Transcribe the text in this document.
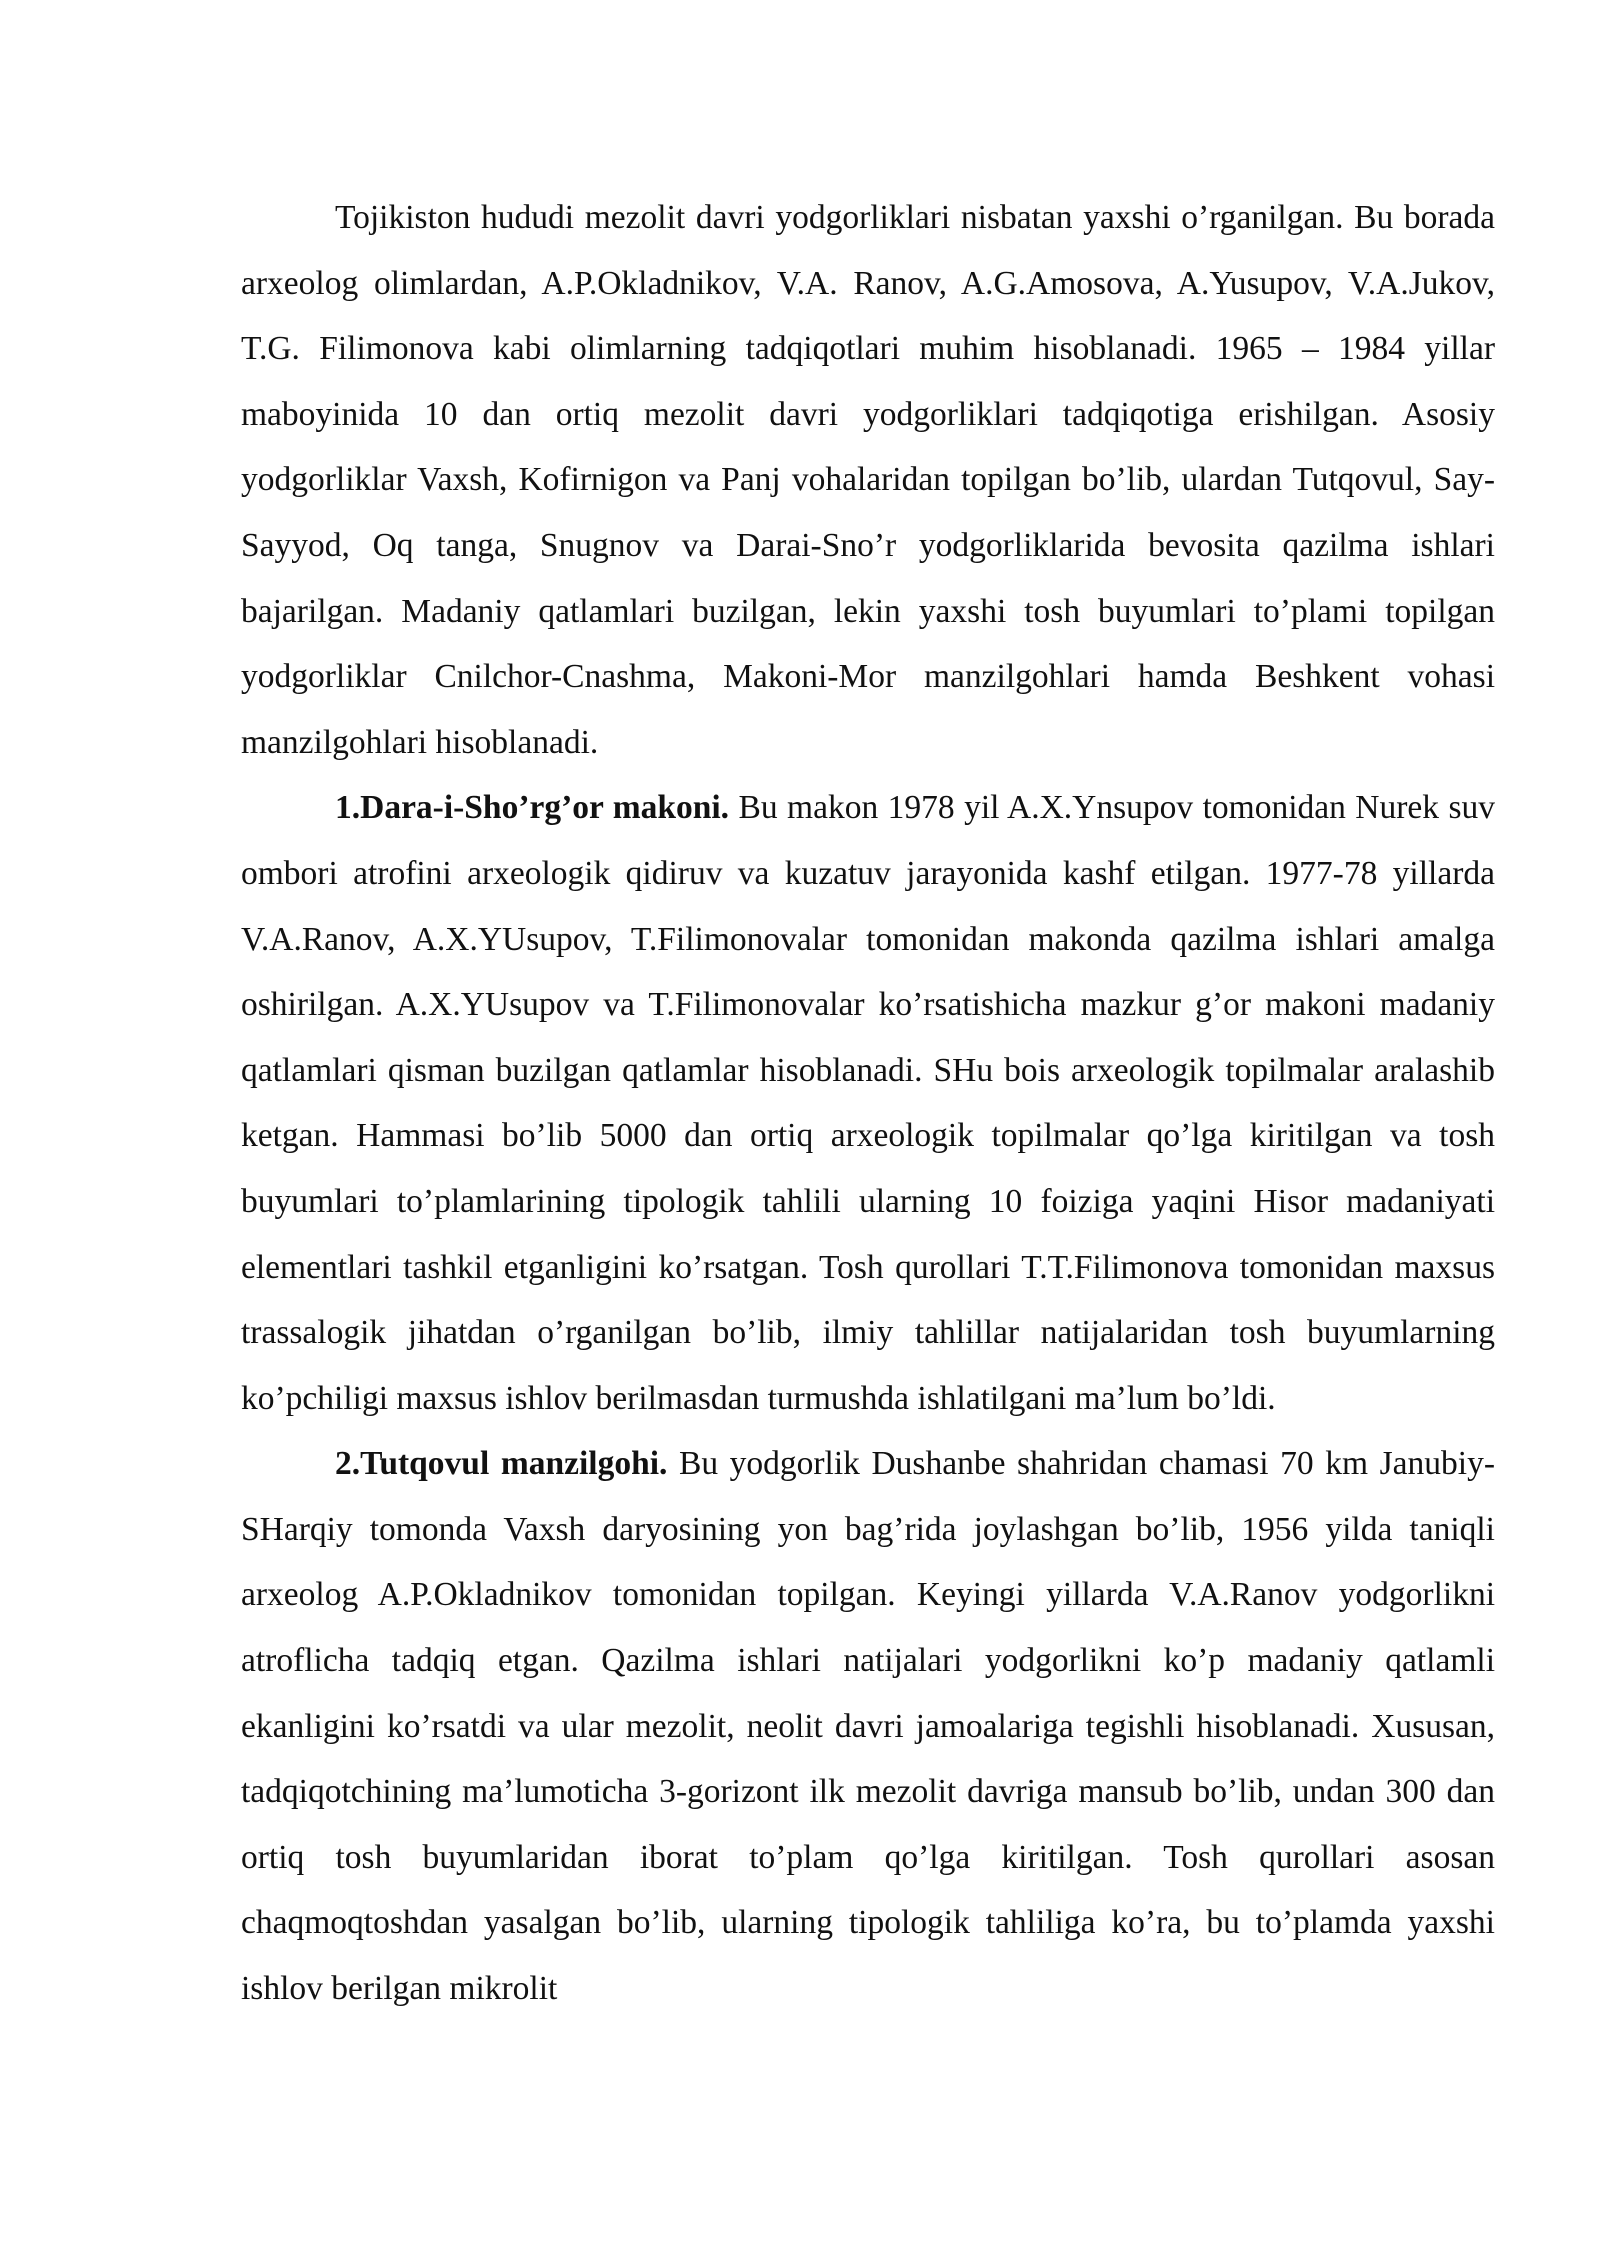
Tojikiston hududi mezolit davri yodgorliklari nisbatan yaxshi o’rganilgan. Bu borada arxeolog olimlardan, A.P.Okladnikov, V.A. Ranov, A.G.Amosova, A.Yusupov, V.A.Jukov, T.G. Filimonova kabi olimlarning tadqiqotlari muhim hisoblanadi. 1965 – 1984 yillar maboyinida 10 dan ortiq mezolit davri yodgorliklari tadqiqotiga erishilgan. Asosiy yodgorliklar Vaxsh, Kofirnigon va Panj vohalaridan topilgan bo’lib, ulardan Tutqovul, Say-Sayyod, Oq tanga, Snugnov va Darai-Sno’r yodgorliklarida bevosita qazilma ishlari bajarilgan. Madaniy qatlamlari buzilgan, lekin yaxshi tosh buyumlari to’plami topilgan yodgorliklar Cnilchor-Cnashma, Makoni-Mor manzilgohlari hamda Beshkent vohasi manzilgohlari hisoblanadi.

1.Dara-i-Sho’rg’or makoni. Bu makon 1978 yil A.X.Ynsupov tomonidan Nurek suv ombori atrofini arxeologik qidiruv va kuzatuv jarayonida kashf etilgan. 1977-78 yillarda V.A.Ranov, A.X.YUsupov, T.Filimonovalar tomonidan makonda qazilma ishlari amalga oshirilgan. A.X.YUsupov va T.Filimonovalar ko’rsatishicha mazkur g’or makoni madaniy qatlamlari qisman buzilgan qatlamlar hisoblanadi. SHu bois arxeologik topilmalar aralashib ketgan. Hammasi bo’lib 5000 dan ortiq arxeologik topilmalar qo’lga kiritilgan va tosh buyumlari to’plamlarining tipologik tahlili ularning 10 foiziga yaqini Hisor madaniyati elementlari tashkil etganligini ko’rsatgan. Tosh qurollari T.T.Filimonova tomonidan maxsus trassalogik jihatdan o’rganilgan bo’lib, ilmiy tahlillar natijalaridan tosh buyumlarning ko’pchiligi maxsus ishlov berilmasdan turmushda ishlatilgani ma’lum bo’ldi.

2.Tutqovul manzilgohi. Bu yodgorlik Dushanbe shahridan chamasi 70 km Janubiy-SHarqiy tomonda Vaxsh daryosining yon bag’rida joylashgan bo’lib, 1956 yilda taniqli arxeolog A.P.Okladnikov tomonidan topilgan. Keyingi yillarda V.A.Ranov yodgorlikni atroflicha tadqiq etgan. Qazilma ishlari natijalari yodgorlikni ko’p madaniy qatlamli ekanligini ko’rsatdi va ular mezolit, neolit davri jamoalariga tegishli hisoblanadi. Xususan, tadqiqotchining ma’lumoticha 3-gorizont ilk mezolit davriga mansub bo’lib, undan 300 dan ortiq tosh buyumlaridan iborat to’plam qo’lga kiritilgan. Tosh qurollari asosan chaqmoqtoshdan yasalgan bo’lib, ularning tipologik tahliliga ko’ra, bu to’plamda yaxshi ishlov berilgan mikrolit
